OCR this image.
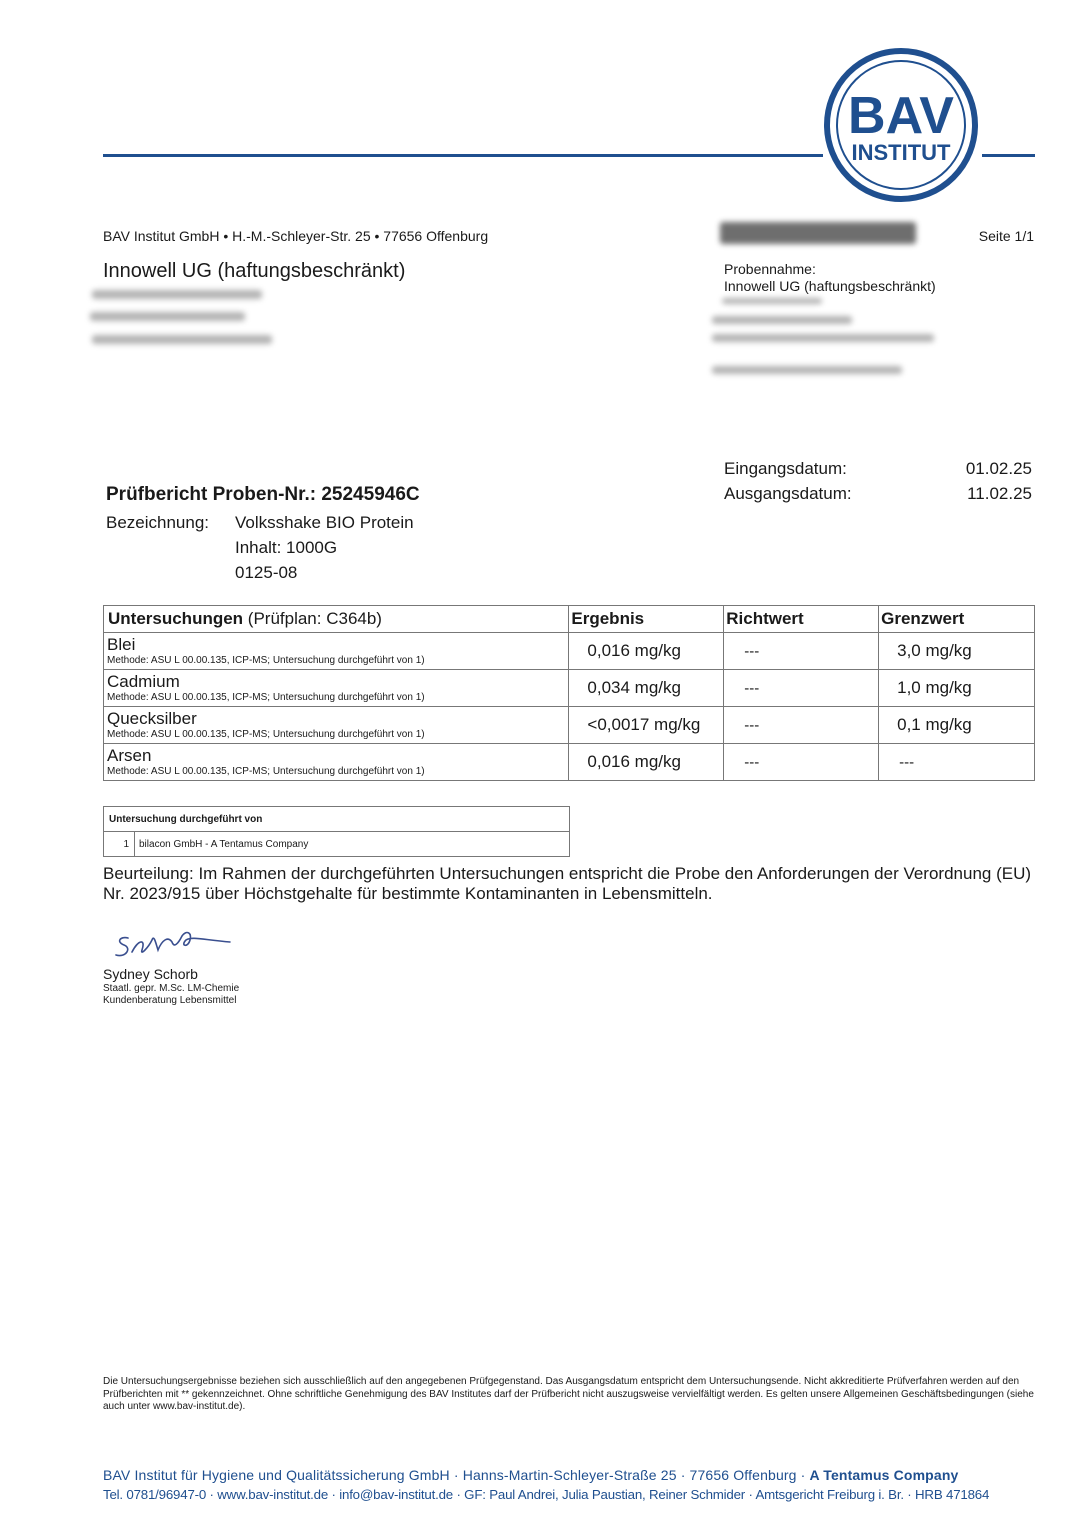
BAV
INSTITUT
BAV Institut GmbH • H.-M.-Schleyer-Str. 25 • 77656 Offenburg	Seite 1/1
Innowell UG (haftungsbeschränkt)	Probennahme:
Innowell UG (haftungsbeschränkt)
Eingangsdatum:	01.02.25
Ausgangsdatum:	11.02.25
Prüfbericht Proben-Nr.: 25245946C
Bezeichnung: Volksshake BIO Protein
Inhalt: 1000G
0125-08
Untersuchungen (Prüfplan: C364b)	Ergebnis	Richtwert	Grenzwert

Blei
Methode: ASU L 00.00.135, ICP-MS; Untersuchung durchgeführt von 1)	0,016 mg/kg	---	3,0 mg/kg

Cadmium
Methode: ASU L 00.00.135, ICP-MS; Untersuchung durchgeführt von 1)	0,034 mg/kg	---	1,0 mg/kg

Quecksilber
Methode: ASU L 00.00.135, ICP-MS; Untersuchung durchgeführt von 1)	<0,0017 mg/kg	---	0,1 mg/kg

Arsen
Methode: ASU L 00.00.135, ICP-MS; Untersuchung durchgeführt von 1)	0,016 mg/kg	---	---
Untersuchung durchgeführt von
1	bilacon GmbH - A Tentamus Company
Beurteilung: Im Rahmen der durchgeführten Untersuchungen entspricht die Probe den Anforderungen der Verordnung (EU) Nr. 2023/915 über Höchstgehalte für bestimmte Kontaminanten in Lebensmitteln.
Sydney Schorb
Staatl. gepr. M.Sc. LM-Chemie
Kundenberatung Lebensmittel
Die Untersuchungsergebnisse beziehen sich ausschließlich auf den angegebenen Prüfgegenstand. Das Ausgangsdatum entspricht dem Untersuchungsende. Nicht akkreditierte Prüfverfahren werden auf den Prüfberichten mit ** gekennzeichnet. Ohne schriftliche Genehmigung des BAV Institutes darf der Prüfbericht nicht auszugsweise vervielfältigt werden. Es gelten unsere Allgemeinen Geschäftsbedingungen (siehe auch unter www.bav-institut.de).
BAV Institut für Hygiene und Qualitätssicherung GmbH · Hanns-Martin-Schleyer-Straße 25 · 77656 Offenburg · A Tentamus Company
Tel. 0781/96947-0 · www.bav-institut.de · info@bav-institut.de · GF: Paul Andrei, Julia Paustian, Reiner Schmider · Amtsgericht Freiburg i. Br. · HRB 471864
